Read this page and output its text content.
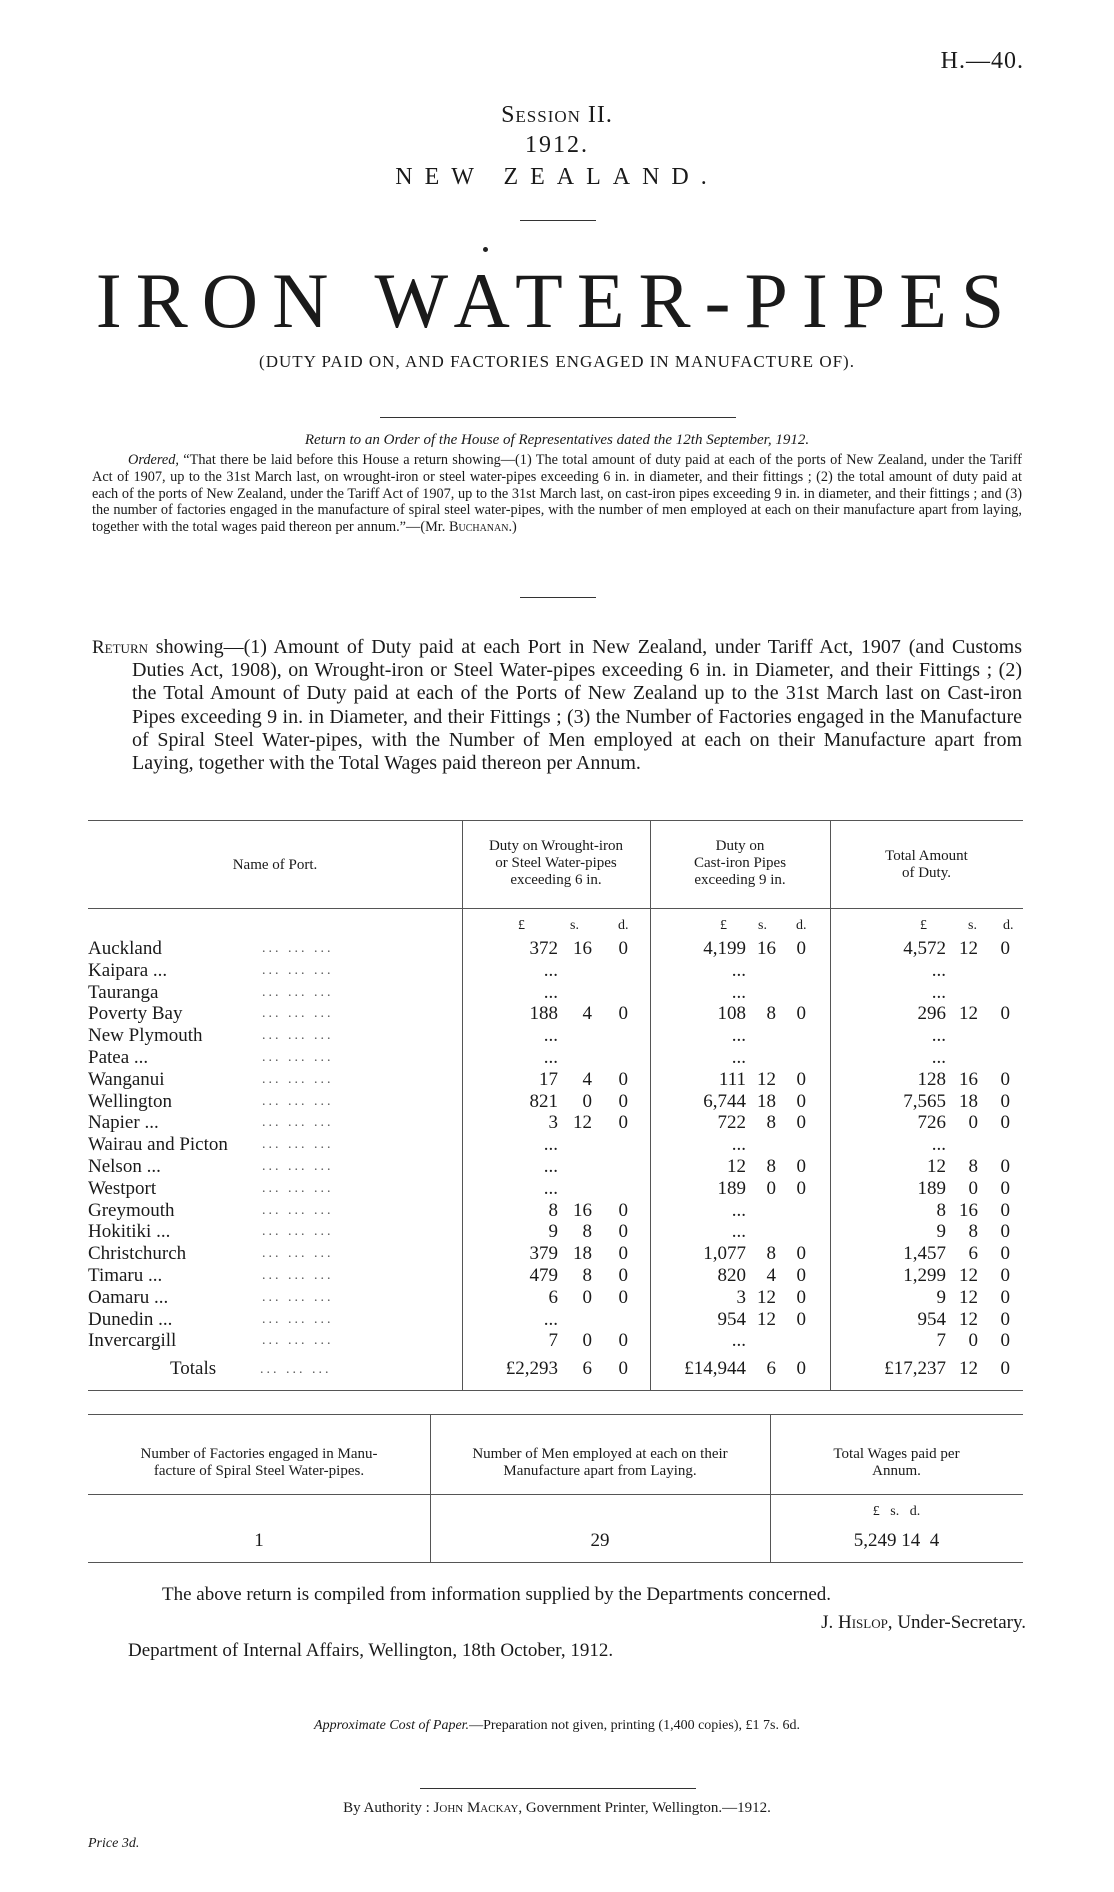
H.—40.
Session II.
1912.
NEW ZEALAND.
IRON WATER-PIPES
(DUTY PAID ON, AND FACTORIES ENGAGED IN MANUFACTURE OF).
Return to an Order of the House of Representatives dated the 12th September, 1912.
Ordered, “That there be laid before this House a return showing—(1) The total amount of duty paid at each of the ports of New Zealand, under the Tariff Act of 1907, up to the 31st March last, on wrought-iron or steel water-pipes exceeding 6 in. in diameter, and their fittings ; (2) the total amount of duty paid at each of the ports of New Zealand, under the Tariff Act of 1907, up to the 31st March last, on cast-iron pipes exceeding 9 in. in diameter, and their fittings ; and (3) the number of factories engaged in the manufacture of spiral steel water-pipes, with the number of men employed at each on their manufacture apart from laying, together with the total wages paid thereon per annum.”—(Mr. Buchanan.)
Return showing—(1) Amount of Duty paid at each Port in New Zealand, under Tariff Act, 1907 (and Customs Duties Act, 1908), on Wrought-iron or Steel Water-pipes exceeding 6 in. in Diameter, and their Fittings ; (2) the Total Amount of Duty paid at each of the Ports of New Zealand up to the 31st March last on Cast-iron Pipes exceeding 9 in. in Diameter, and their Fittings ; (3) the Number of Factories engaged in the Manufacture of Spiral Steel Water-pipes, with the Number of Men employed at each on their Manufacture apart from Laying, together with the Total Wages paid thereon per Annum.
Name of Port.
Duty on Wrought-iron
or Steel Water-pipes
exceeding 6 in.
Duty on
Cast-iron Pipes
exceeding 9 in.
Total Amount
of Duty.
£	s.	d.	£ s. d.	£	s. d.
Auckland	... ... ...	372 16	0	4,199 16	0	4,572 12	0
Kaipara ...	... ... ...	...	...	...
Tauranga	... ... ...	...	...	...
Poverty Bay	... ... ...	188	4	0	108	8	0	296 12	0
New Plymouth	... ... ...	...	...	...
Patea ...	... ... ...	...	...	...
Wanganui	... ... ...	17	4	0	111 12	0	128 16	0
Wellington	... ... ...	821	0	0	6,744 18	0	7,565 18	0
Napier ...	... ... ...	3 12	0	722	8	0	726	0	0
Wairau and Picton	... ... ...	...	...	...
Nelson ...	... ... ...	...	12	8	0	12	8	0
Westport	... ... ...	...	189	0	0	189	0	0
Greymouth	... ... ...	8 16	0	...	8 16	0
Hokitiki ...	... ... ...	9	8	0	...	9	8	0
Christchurch	... ... ...	379 18	0	1,077	8	0	1,457	6	0
Timaru ...	... ... ...	479	8	0	820	4	0	1,299 12	0
Oamaru ...	... ... ...	6	0	0	3 12	0	9 12	0
Dunedin ...	... ... ...	...	954 12	0	954 12	0
Invercargill	... ... ...	7	0	0	...	7	0	0
Totals	... ... ...	£2,293	6	0	£14,944	6	0	£17,237 12	0
Number of Factories engaged in Manu-
facture of Spiral Steel Water-pipes.
Number of Men employed at each on their
Manufacture apart from Laying.
Total Wages paid per
Annum.
£   s.   d.
1	29	5,249 14  4
The above return is compiled from information supplied by the Departments concerned.
J. Hislop, Under-Secretary.
Department of Internal Affairs, Wellington, 18th October, 1912.
Approximate Cost of Paper.—Preparation not given, printing (1,400 copies), £1 7s. 6d.
By Authority : John Mackay, Government Printer, Wellington.—1912.
Price 3d.
